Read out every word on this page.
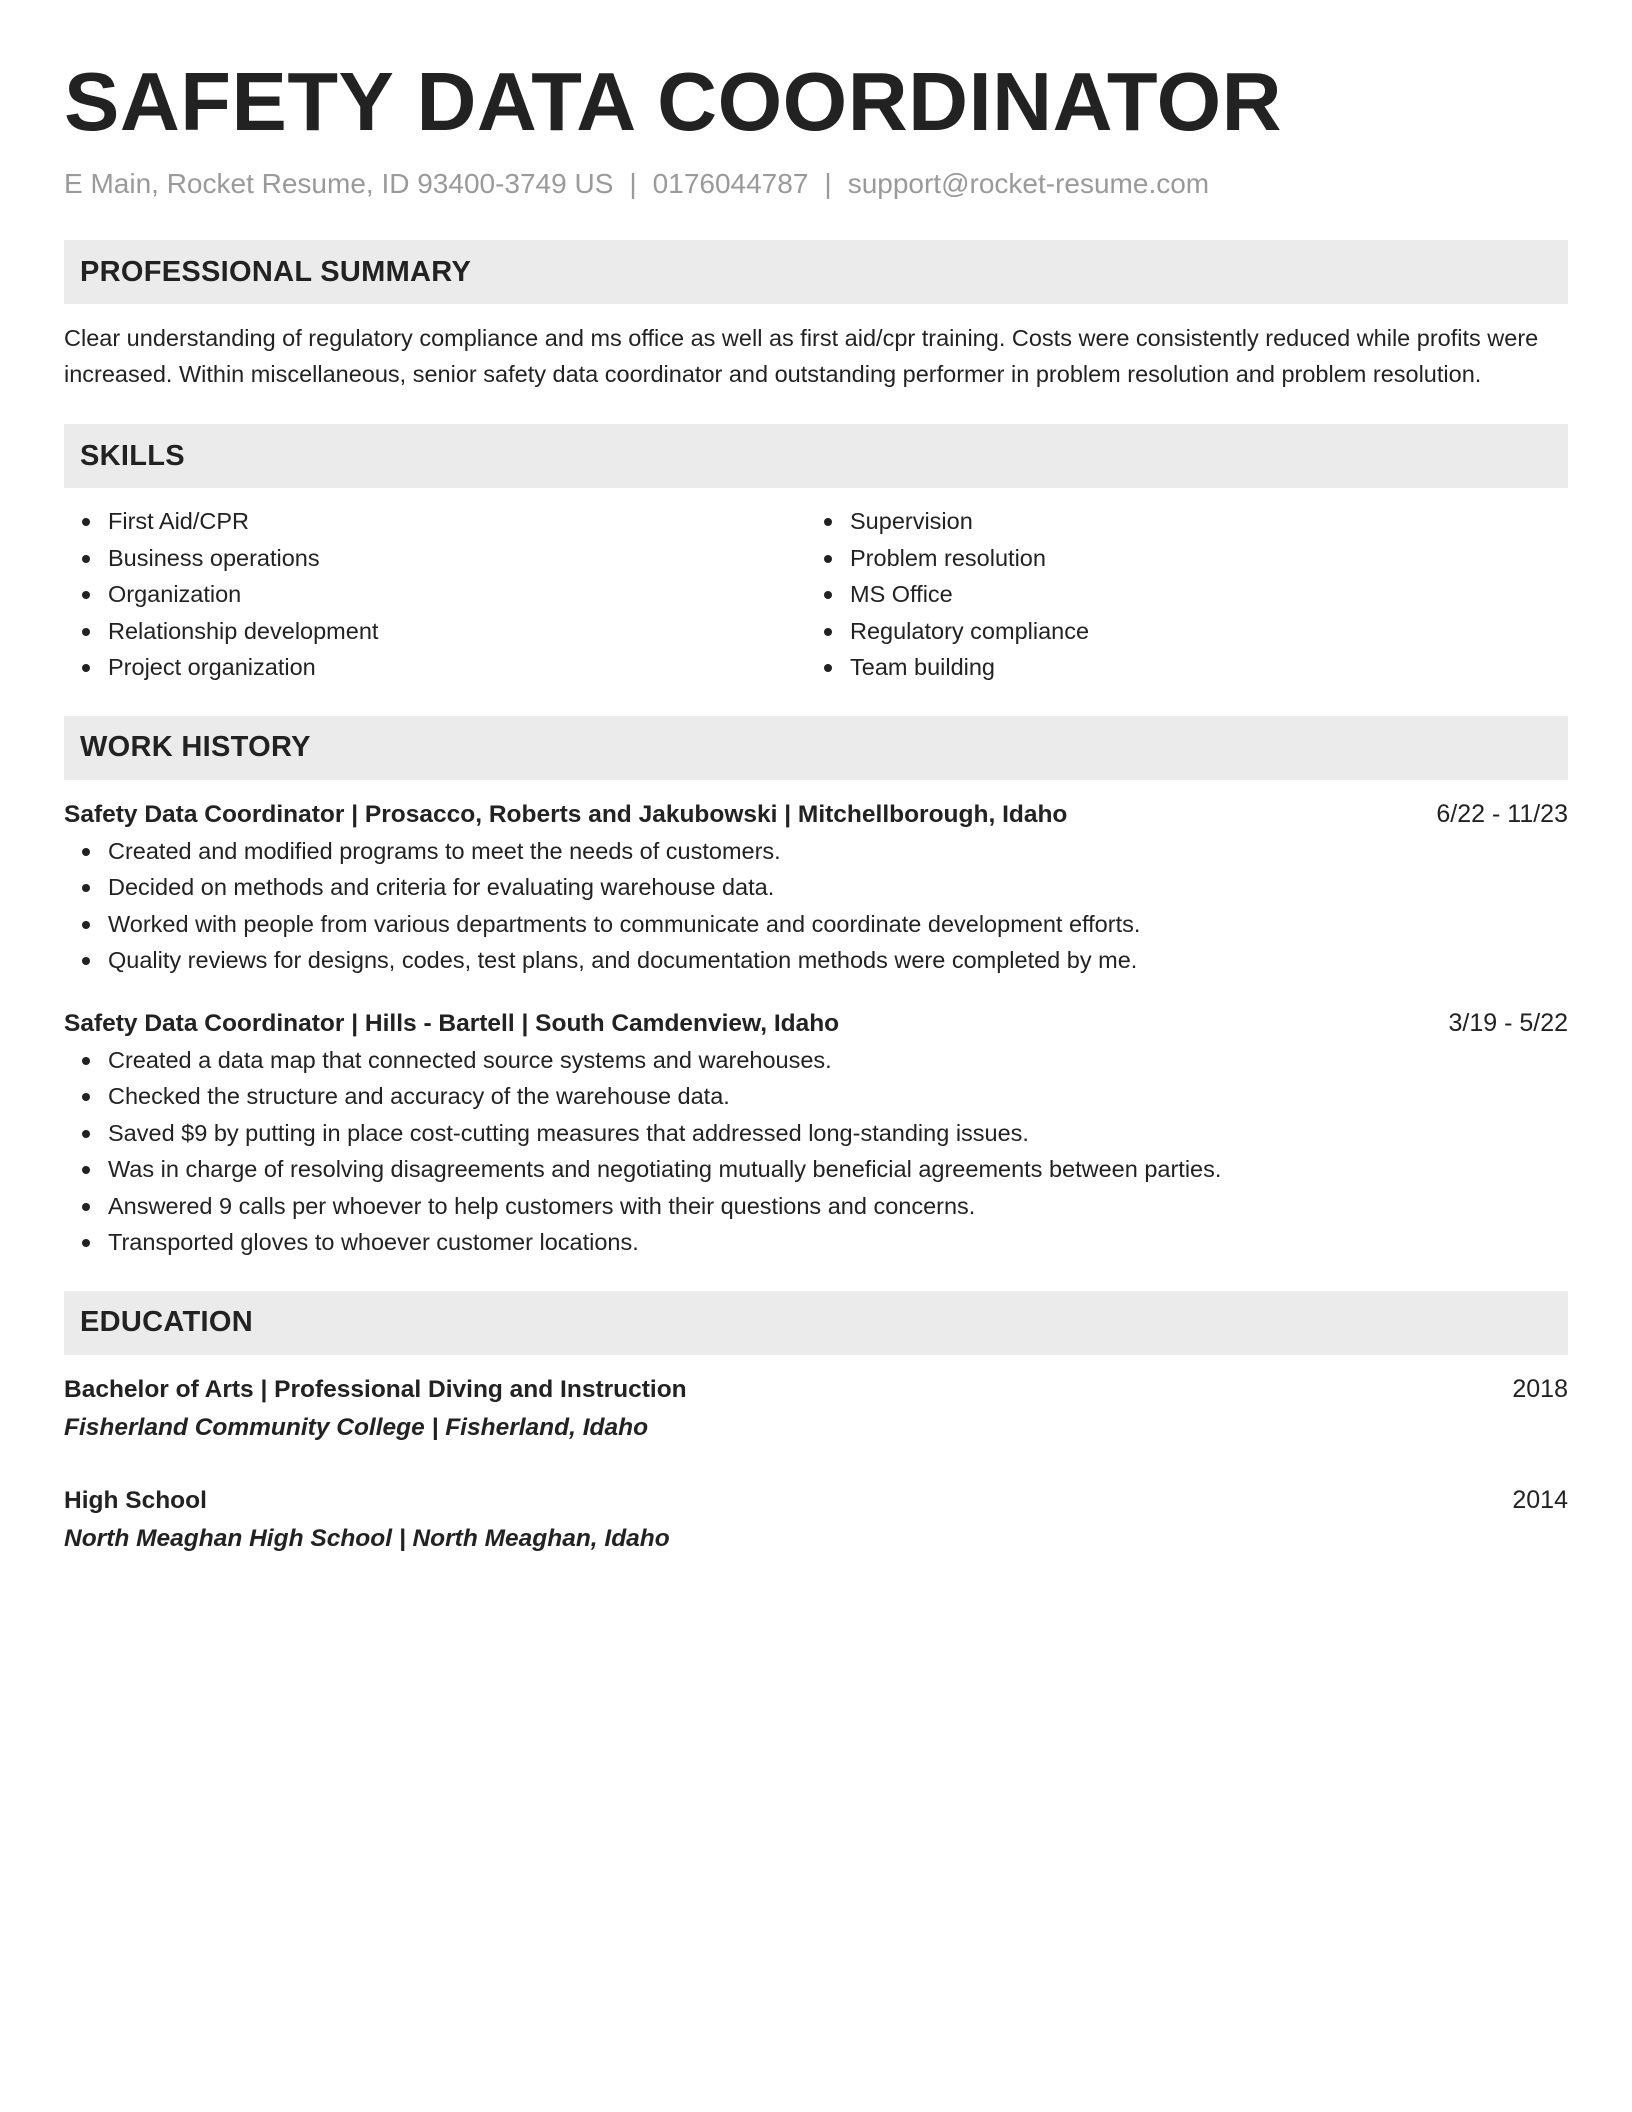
SAFETY DATA COORDINATOR
E Main, Rocket Resume, ID 93400-3749 US | 0176044787 | support@rocket-resume.com
PROFESSIONAL SUMMARY

Clear understanding of regulatory compliance and ms office as well as first aid/cpr training. Costs were consistently reduced while profits were increased. Within miscellaneous, senior safety data coordinator and outstanding performer in problem resolution and problem resolution.

SKILLS
First Aid/CPR
Business operations
Organization
Relationship development
Project organization
Supervision
Problem resolution
MS Office
Regulatory compliance
Team building
WORK HISTORY
Safety Data Coordinator | Prosacco, Roberts and Jakubowski | Mitchellborough, Idaho	6/22 - 11/23
Created and modified programs to meet the needs of customers.
Decided on methods and criteria for evaluating warehouse data.
Worked with people from various departments to communicate and coordinate development efforts.
Quality reviews for designs, codes, test plans, and documentation methods were completed by me.
Safety Data Coordinator | Hills - Bartell | South Camdenview, Idaho	3/19 - 5/22
Created a data map that connected source systems and warehouses.
Checked the structure and accuracy of the warehouse data.
Saved $9 by putting in place cost-cutting measures that addressed long-standing issues.
Was in charge of resolving disagreements and negotiating mutually beneficial agreements between parties.
Answered 9 calls per whoever to help customers with their questions and concerns.
Transported gloves to whoever customer locations.
EDUCATION
Bachelor of Arts | Professional Diving and Instruction	2018
Fisherland Community College | Fisherland, Idaho
High School	2014
North Meaghan High School | North Meaghan, Idaho
